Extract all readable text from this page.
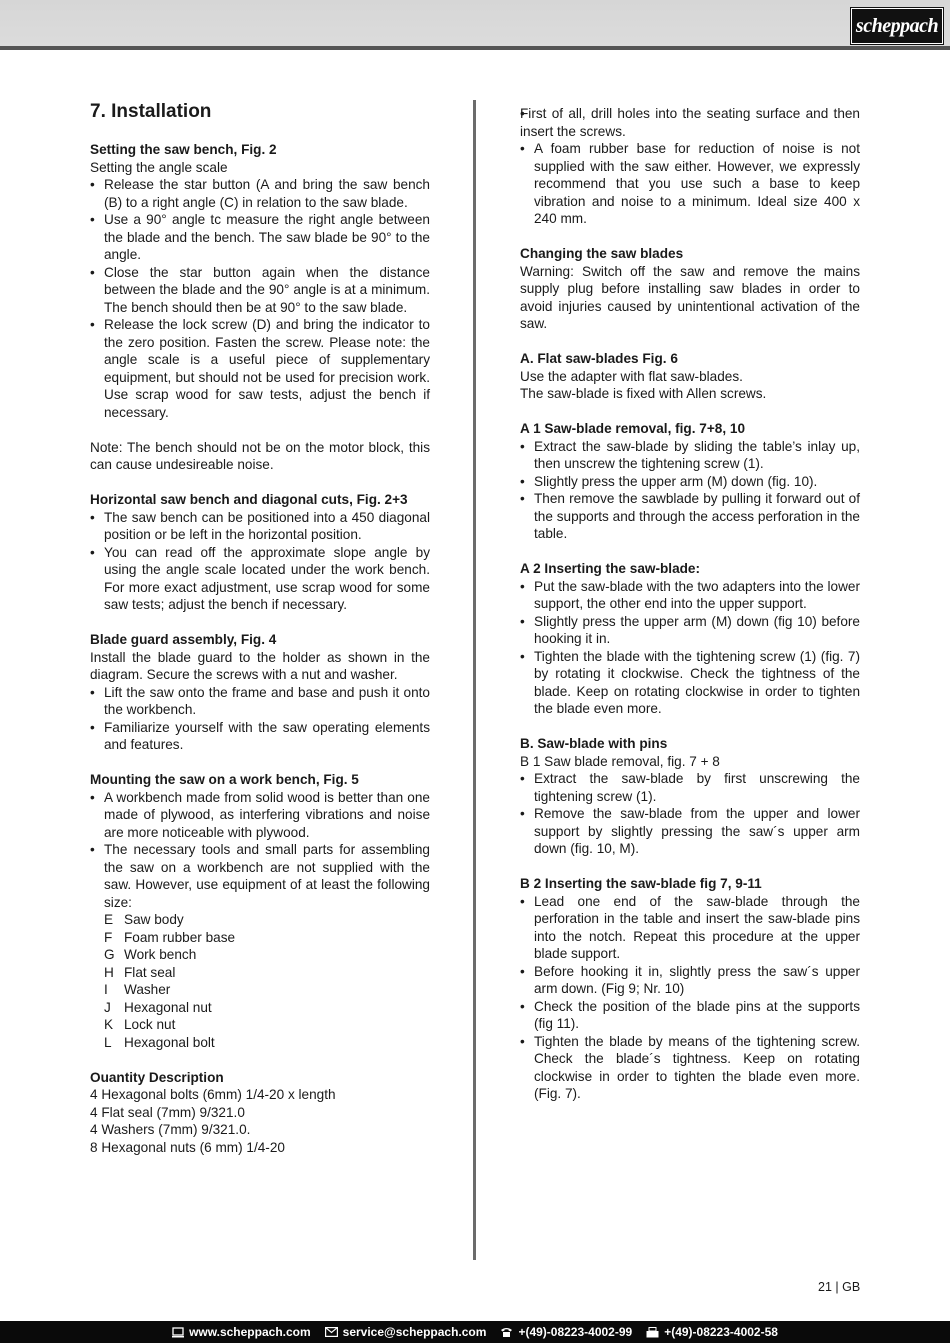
scheppach
7. Installation

Setting the saw bench, Fig. 2

Setting the angle scale

• Release the star button (A and bring the saw bench (B) to a right angle (C) in relation to the saw blade.
• Use a 90° angle tc measure the right angle between the blade and the bench. The saw blade be 90° to the angle.
• Close the star button again when the distance between the blade and the 90° angle is at a minimum. The bench should then be at 90° to the saw blade.
• Release the lock screw (D) and bring the indicator to the zero position. Fasten the screw. Please note: the angle scale is a useful piece of supplementary equipment, but should not be used for precision work. Use scrap wood for saw tests, adjust the bench if necessary.

Note: The bench should not be on the motor block, this can cause undesireable noise.

Horizontal saw bench and diagonal cuts, Fig. 2+3

• The saw bench can be positioned into a 450 diagonal position or be left in the horizontal position.
• You can read off the approximate slope angle by using the angle scale located under the work bench. For more exact adjustment, use scrap wood for some saw tests; adjust the bench if necessary.

Blade guard assembly, Fig. 4

Install the blade guard to the holder as shown in the diagram. Secure the screws with a nut and washer.

• Lift the saw onto the frame and base and push it onto the workbench.
• Familiarize yourself with the saw operating elements and features.

Mounting the saw on a work bench, Fig. 5

• A workbench made from solid wood is better than one made of plywood, as interfering vibrations and noise are more noticeable with plywood.
• The necessary tools and small parts for assembling the saw on a workbench are not supplied with the saw. However, use equipment of at least the following size:
E Saw body
F Foam rubber base
G Work bench
H Flat seal
I	Washer
J Hexagonal nut
K Lock nut
L Hexagonal bolt

Ouantity Description

4 Hexagonal bolts (6mm) 1/4-20 x length

4 Flat seal (7mm) 9/321.0

4 Washers (7mm) 9/321.0.

8 Hexagonal nuts (6 mm) 1/4-20

• First of all, drill holes into the seating surface and then insert the screws.
• A foam rubber base for reduction of noise is not supplied with the saw either. However, we expressly recommend that you use such a base to keep vibration and noise to a minimum. Ideal size 400 x 240 mm.

Changing the saw blades

Warning: Switch off the saw and remove the mains supply plug before installing saw blades in order to avoid injuries caused by unintentional activation of the saw.

A. Flat saw-blades Fig. 6

Use the adapter with flat saw-blades.

The saw-blade is fixed with Allen screws.

A 1 Saw-blade removal, fig. 7+8, 10

• Extract the saw-blade by sliding the table’s inlay up, then unscrew the tightening screw (1).
• Slightly press the upper arm (M) down (fig. 10).
• Then remove the sawblade by pulling it forward out of the supports and through the access perforation in the table.

A 2 Inserting the saw-blade:

• Put the saw-blade with the two adapters into the lower support, the other end into the upper support.
• Slightly press the upper arm (M) down (fig 10) before hooking it in.
• Tighten the blade with the tightening screw (1) (fig. 7) by rotating it clockwise. Check the tightness of the blade. Keep on rotating clockwise in order to tighten the blade even more.

B. Saw-blade with pins

B 1 Saw blade removal, fig. 7 + 8

• Extract the saw-blade by first unscrewing the tightening screw (1).
• Remove the saw-blade from the upper and lower support by slightly pressing the saw´s upper arm down (fig. 10, M).

B 2 Inserting the saw-blade fig 7, 9-11

• Lead one end of the saw-blade through the perforation in the table and insert the saw-blade pins into the notch. Repeat this procedure at the upper blade support.
• Before hooking it in, slightly press the saw´s upper arm down. (Fig 9; Nr. 10)
• Check the position of the blade pins at the supports (fig 11).
• Tighten the blade by means of the tightening screw. Check the blade´s tightness. Keep on rotating clockwise in order to tighten the blade even more. (Fig. 7).
21 | GB
www.scheppach.com	service@scheppach.com	+(49)-08223-4002-99	+(49)-08223-4002-58
